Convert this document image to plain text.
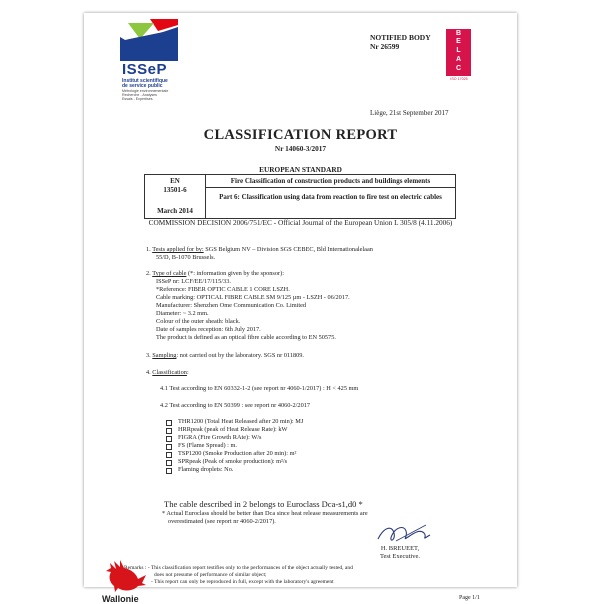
ISSeP
Institut scientifique
de service public
Métrologie environnementale
Recherche - Analyses
Essais - Expertises
NOTIFIED BODY
Nr 26599
B
E
L
A
C
N° 065-TEST
ISO 17025
Liège, 21st September 2017
CLASSIFICATION REPORT
Nr 14060-3/2017
EUROPEAN STANDARD
EN
13501-6
March 2014
Fire Classification of construction products and buildings elements
Part 6: Classification using data from reaction to fire test on electric cables
COMMISSION DECISION 2006/751/EC - Official Journal of the European Union L 305/8 (4.11.2006)
1. Tests applied for by: SGS Belgium NV – Division SGS CEBEC, Bld Internationalelaan
55/D, B-1070 Brussels.
2. Type of cable (*: information given by the sponsor):
ISSeP nr: LCF/EE/17/115/33.
*Reference: FIBER OPTIC CABLE 1 CORE LSZH.
Cable marking: OPTICAL FIBRE CABLE SM 9/125 µm - LSZH - 06/2017.
Manufacturer: Shenzhen Ome Communication Co. Limited
Diameter: ~ 3.2 mm.
Colour of the outer sheath: black.
Date of samples reception: 6th July 2017.
The product is defined as an optical fibre cable according to EN 50575.
3. Sampling: not carried out by the laboratory. SGS nr 011809.
4. Classification:
4.1 Test according to EN 60332-1-2 (see report nr 4060-1/2017) : H < 425 mm
4.2 Test according to EN 50399 : see report nr 4060-2/2017
THR1200 (Total Heat Released after 20 min): MJ
HRRpeak (peak of Heat Release Rate): kW
FIGRA (Fire Growth RAte): W/s
FS (Flame Spread) : m.
TSP1200 (Smoke Production after 20 min): m²
SPRpeak (Peak of smoke production): m²/s
Flaming droplets: No.
The cable described in 2 belongs to Euroclass Dca-s1,d0 *
* Actual Euroclass should be better than Dca since heat release measurements are
overestimated (see report nr 4060-2/2017).
H. BREUEET,
Test Executive.
Remarks : - This classification report testifies only to the performances of the object actually tested, and
does not presume of performance of similar object;
- This report can only be reproduced in full, except with the laboratory's agreement
Page 1/1
Wallonie
